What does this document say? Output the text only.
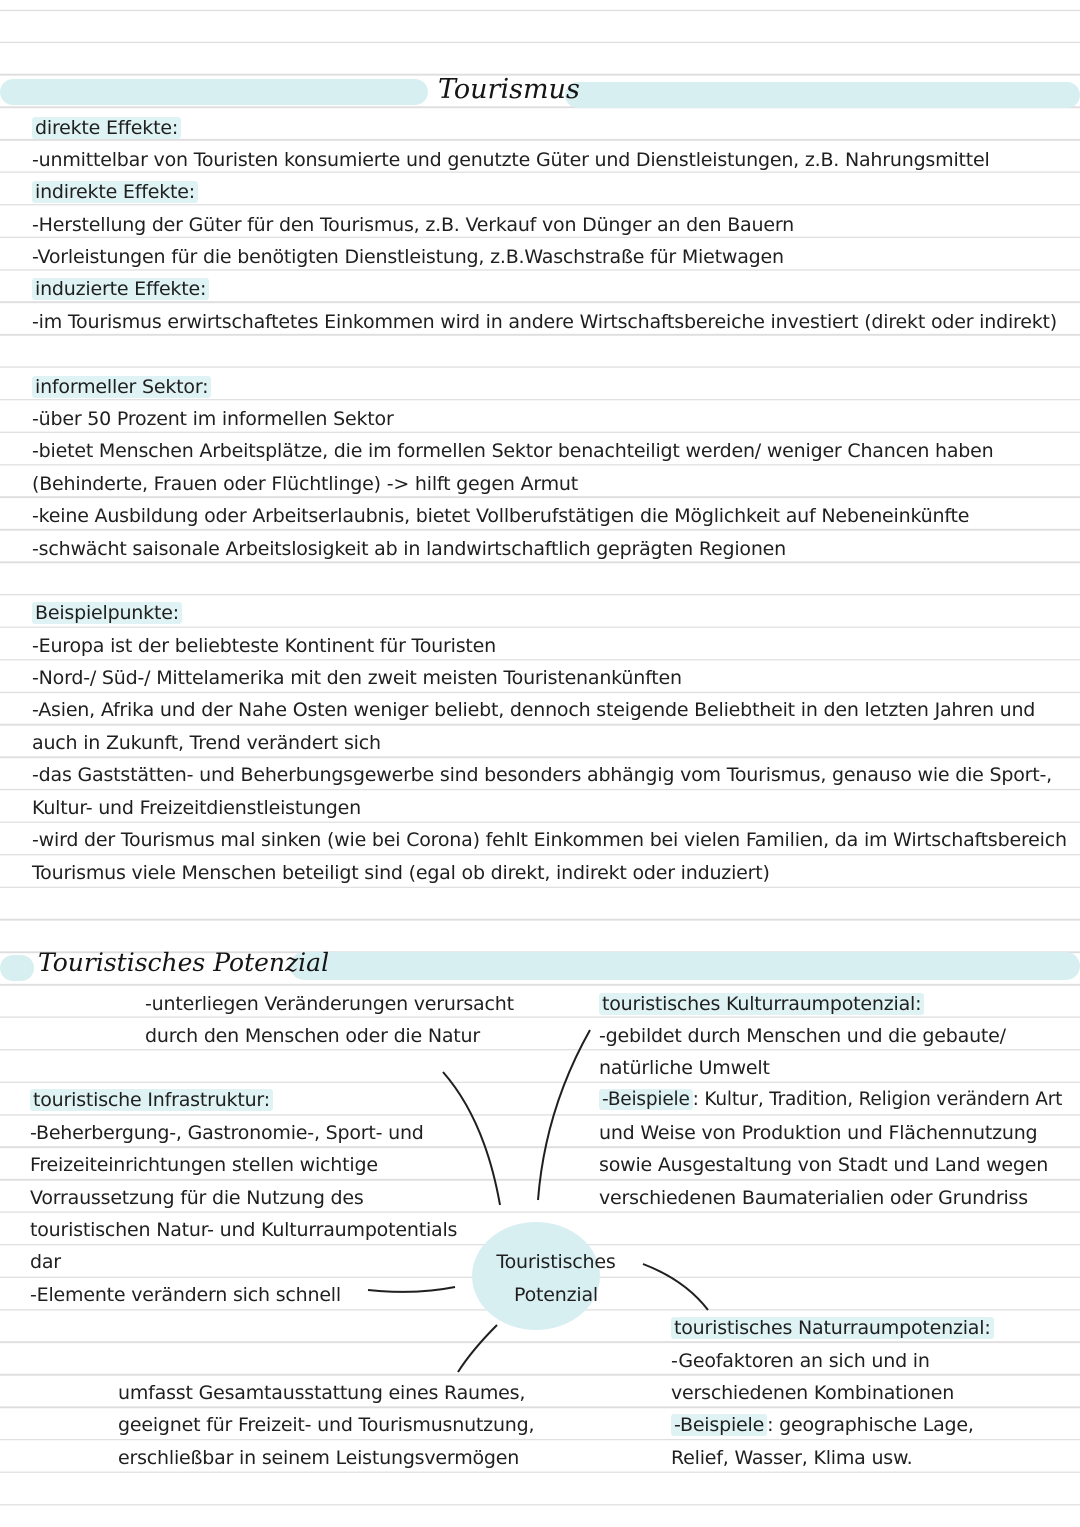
Tourismus
direkte Effekte:
-unmittelbar von Touristen konsumierte und genutzte Güter und Dienstleistungen, z.B. Nahrungsmittel
indirekte Effekte:
-Herstellung der Güter für den Tourismus, z.B. Verkauf von Dünger an den Bauern
-Vorleistungen für die benötigten Dienstleistung, z.B.Waschstraße für Mietwagen
induzierte Effekte:
-im Tourismus erwirtschaftetes Einkommen wird in andere Wirtschaftsbereiche investiert (direkt oder indirekt)
informeller Sektor:
-über 50 Prozent im informellen Sektor
-bietet Menschen Arbeitsplätze, die im formellen Sektor benachteiligt werden/ weniger Chancen haben
(Behinderte, Frauen oder Flüchtlinge) -> hilft gegen Armut
-keine Ausbildung oder Arbeitserlaubnis, bietet Vollberufstätigen die Möglichkeit auf Nebeneinkünfte
-schwächt saisonale Arbeitslosigkeit ab in landwirtschaftlich geprägten Regionen
Beispielpunkte:
-Europa ist der beliebteste Kontinent für Touristen
-Nord-/ Süd-/ Mittelamerika mit den zweit meisten Touristenankünften
-Asien, Afrika und der Nahe Osten weniger beliebt, dennoch steigende Beliebtheit in den letzten Jahren und
auch in Zukunft, Trend verändert sich
-das Gaststätten- und Beherbungsgewerbe sind besonders abhängig vom Tourismus, genauso wie die Sport-,
Kultur- und Freizeitdienstleistungen
-wird der Tourismus mal sinken (wie bei Corona) fehlt Einkommen bei vielen Familien, da im Wirtschaftsbereich
Tourismus viele Menschen beteiligt sind (egal ob direkt, indirekt oder induziert)
Touristisches Potenzial
-unterliegen Veränderungen verursacht
durch den Menschen oder die Natur
touristisches Kulturraumpotenzial:
-gebildet durch Menschen und die gebaute/
natürliche Umwelt
-Beispiele : Kultur, Tradition, Religion verändern Art
und Weise von Produktion und Flächennutzung
sowie Ausgestaltung von Stadt und Land wegen
verschiedenen Baumaterialien oder Grundriss
touristische Infrastruktur:
-Beherbergung-, Gastronomie-, Sport- und
Freizeiteinrichtungen stellen wichtige
Vorraussetzung für die Nutzung des
touristischen Natur- und Kulturraumpotentials
dar
-Elemente verändern sich schnell
Touristisches
Potenzial
touristisches Naturraumpotenzial:
-Geofaktoren an sich und in
verschiedenen Kombinationen
-Beispiele : geographische Lage,
Relief, Wasser, Klima usw.
umfasst Gesamtausstattung eines Raumes,
geeignet für Freizeit- und Tourismusnutzung,
erschließbar in seinem Leistungsvermögen
